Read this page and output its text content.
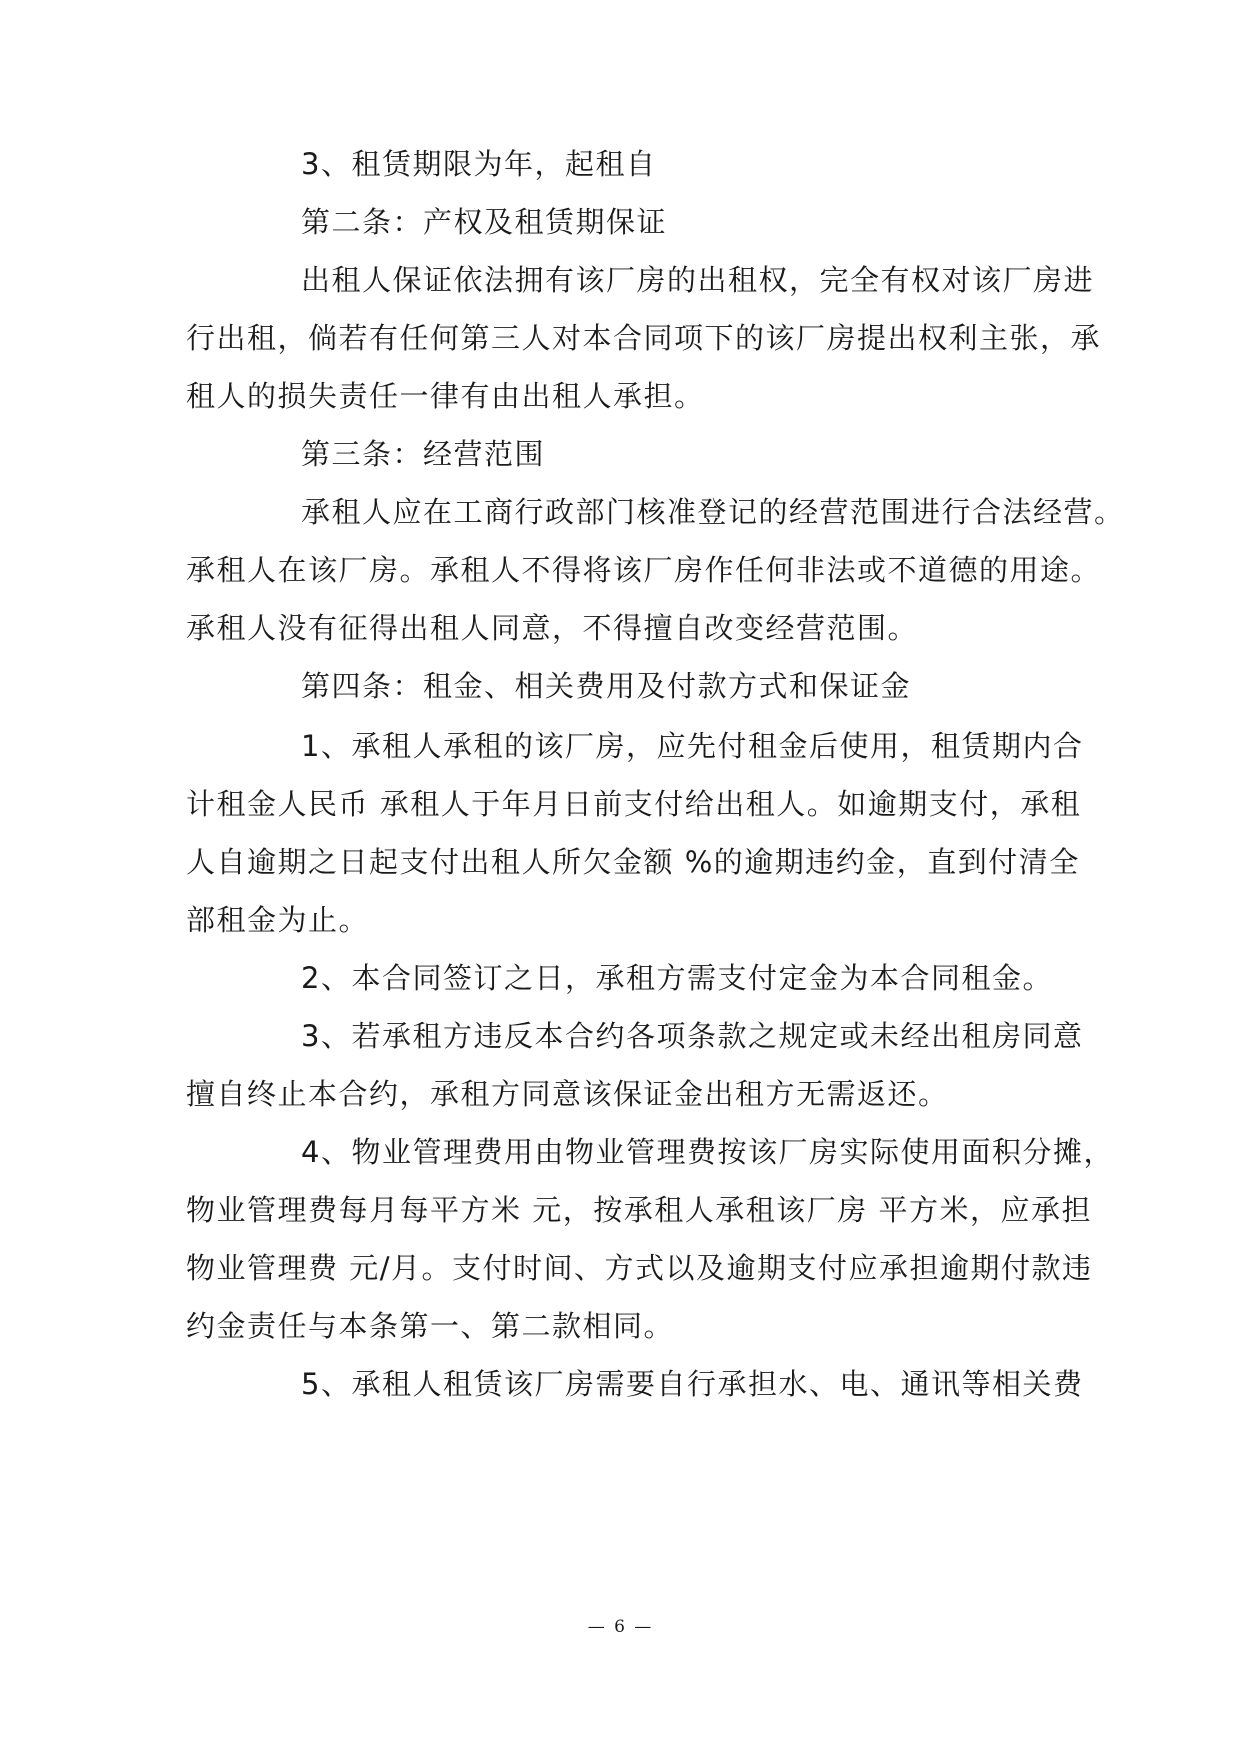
3、租赁期限为年，起租自
第二条：产权及租赁期保证
出租人保证依法拥有该厂房的出租权，完全有权对该厂房进
行出租，倘若有任何第三人对本合同项下的该厂房提出权利主张，承
租人的损失责任一律有由出租人承担。
第三条：经营范围
承租人应在工商行政部门核准登记的经营范围进行合法经营。
承租人在该厂房。承租人不得将该厂房作任何非法或不道德的用途。
承租人没有征得出租人同意，不得擅自改变经营范围。
第四条：租金、相关费用及付款方式和保证金
1、承租人承租的该厂房，应先付租金后使用，租赁期内合
计租金人民币 承租人于年月日前支付给出租人。如逾期支付，承租
人自逾期之日起支付出租人所欠金额 %的逾期违约金，直到付清全
部租金为止。
2、本合同签订之日，承租方需支付定金为本合同租金。
3、若承租方违反本合约各项条款之规定或未经出租房同意
擅自终止本合约，承租方同意该保证金出租方无需返还。
4、物业管理费用由物业管理费按该厂房实际使用面积分摊，
物业管理费每月每平方米 元，按承租人承租该厂房 平方米，应承担
物业管理费 元/月。支付时间、方式以及逾期支付应承担逾期付款违
约金责任与本条第一、第二款相同。
5、承租人租赁该厂房需要自行承担水、电、通讯等相关费
— 6 —
